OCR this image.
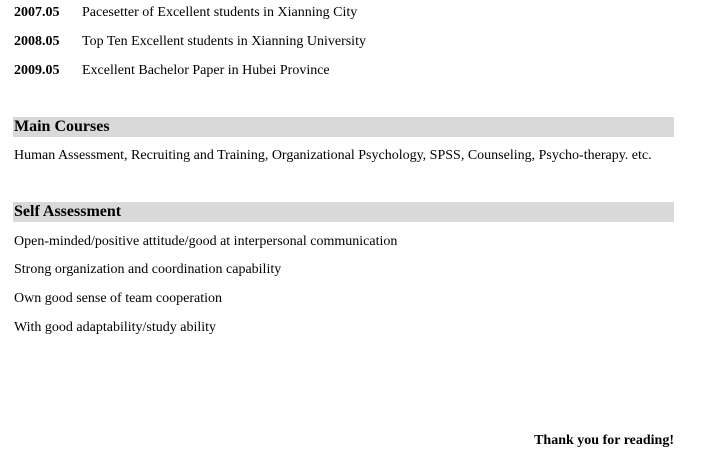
2007.05 Pacesetter of Excellent students in Xianning City
2008.05 Top Ten Excellent students in Xianning University
2009.05 Excellent Bachelor Paper in Hubei Province
Main Courses
Human Assessment, Recruiting and Training, Organizational Psychology, SPSS, Counseling, Psycho-therapy. etc.
Self Assessment
Open-minded/positive attitude/good at interpersonal communication
Strong organization and coordination capability
Own good sense of team cooperation
With good adaptability/study ability
Thank you for reading!
